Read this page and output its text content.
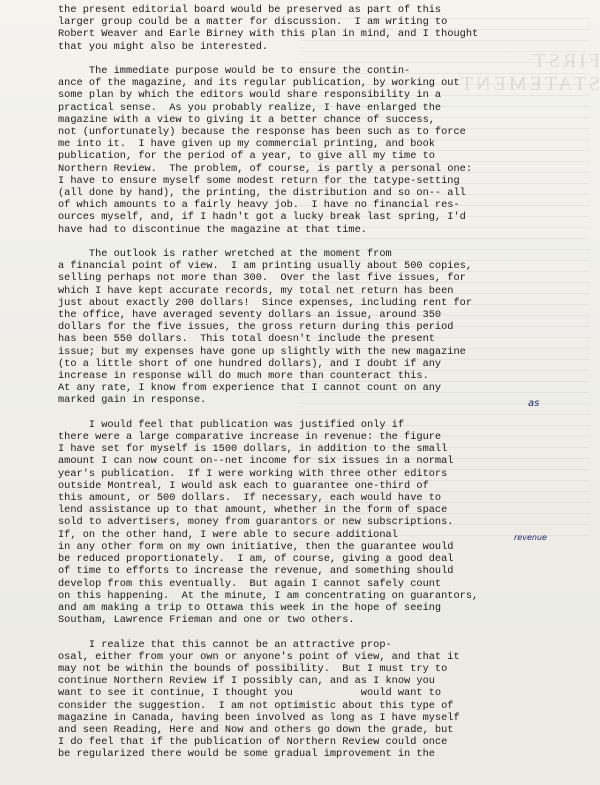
FIRST STATEMENT
the present editorial board would be preserved as part of this
larger group could be a matter for discussion.  I am writing to
Robert Weaver and Earle Birney with this plan in mind, and I thought
that you might also be interested.
The immediate purpose would be to ensure the contin-
ance of the magazine, and its regular publication, by working out
some plan by which the editors would share responsibility in a
practical sense.  As you probably realize, I have enlarged the
magazine with a view to giving it a better chance of success,
not (unfortunately) because the response has been such as to force
me into it.  I have given up my commercial printing, and book
publication, for the period of a year, to give all my time to
Northern Review.  The problem, of course, is partly a personal one:
I have to ensure myself some modest return for the tatype-setting
(all done by hand), the printing, the distribution and so on-- all
of which amounts to a fairly heavy job.  I have no financial res-
ources myself, and, if I hadn't got a lucky break last spring, I'd
have had to discontinue the magazine at that time.
The outlook is rather wretched at the moment from
a financial point of view.  I am printing usually about 500 copies,
selling perhaps not more than 300.  Over the last five issues, for
which I have kept accurate records, my total net return has been
just about exactly 200 dollars!  Since expenses, including rent for
the office, have averaged seventy dollars an issue, around 350
dollars for the five issues, the gross return during this period
has been 550 dollars.  This total doesn't include the present
issue; but my expenses have gone up slightly with the new magazine
(to a little short of one hundred dollars), and I doubt if any
increase in response will do much more than counteract this.
At any rate, I know from experience that I cannot count on any
marked gain in response.
I would feel that publication was justified only if
there were a large comparative increase in revenue: the figure
I have set for myself is 1500 dollars, in addition to the small
amount I can now count on--net income for six issues in a normal
year's publication.  If I were working with three other editors
outside Montreal, I would ask each to guarantee one-third of
this amount, or 500 dollars.  If necessary, each would have to
lend assistance up to that amount, whether in the form of space
sold to advertisers, money from guarantors or new subscriptions.
If, on the other hand, I were able to secure additional
in any other form on my own initiative, then the guarantee would
be reduced proportionately.  I am, of course, giving a good deal
of time to efforts to increase the revenue, and something should
develop from this eventually.  But again I cannot safely count
on this happening.  At the minute, I am concentrating on guarantors,
and am making a trip to Ottawa this week in the hope of seeing
Southam, Lawrence Frieman and one or two others.
I realize that this cannot be an attractive prop-
osal, either from your own or anyone's point of view, and that it
may not be within the bounds of possibility.  But I must try to
continue Northern Review if I possibly can, and as I know you
want to see it continue, I thought you           would want to
consider the suggestion.  I am not optimistic about this type of
magazine in Canada, having been involved as long as I have myself
and seen Reading, Here and Now and others go down the grade, but
I do feel that if the publication of Northern Review could once
be regularized there would be some gradual improvement in the
as
revenue
